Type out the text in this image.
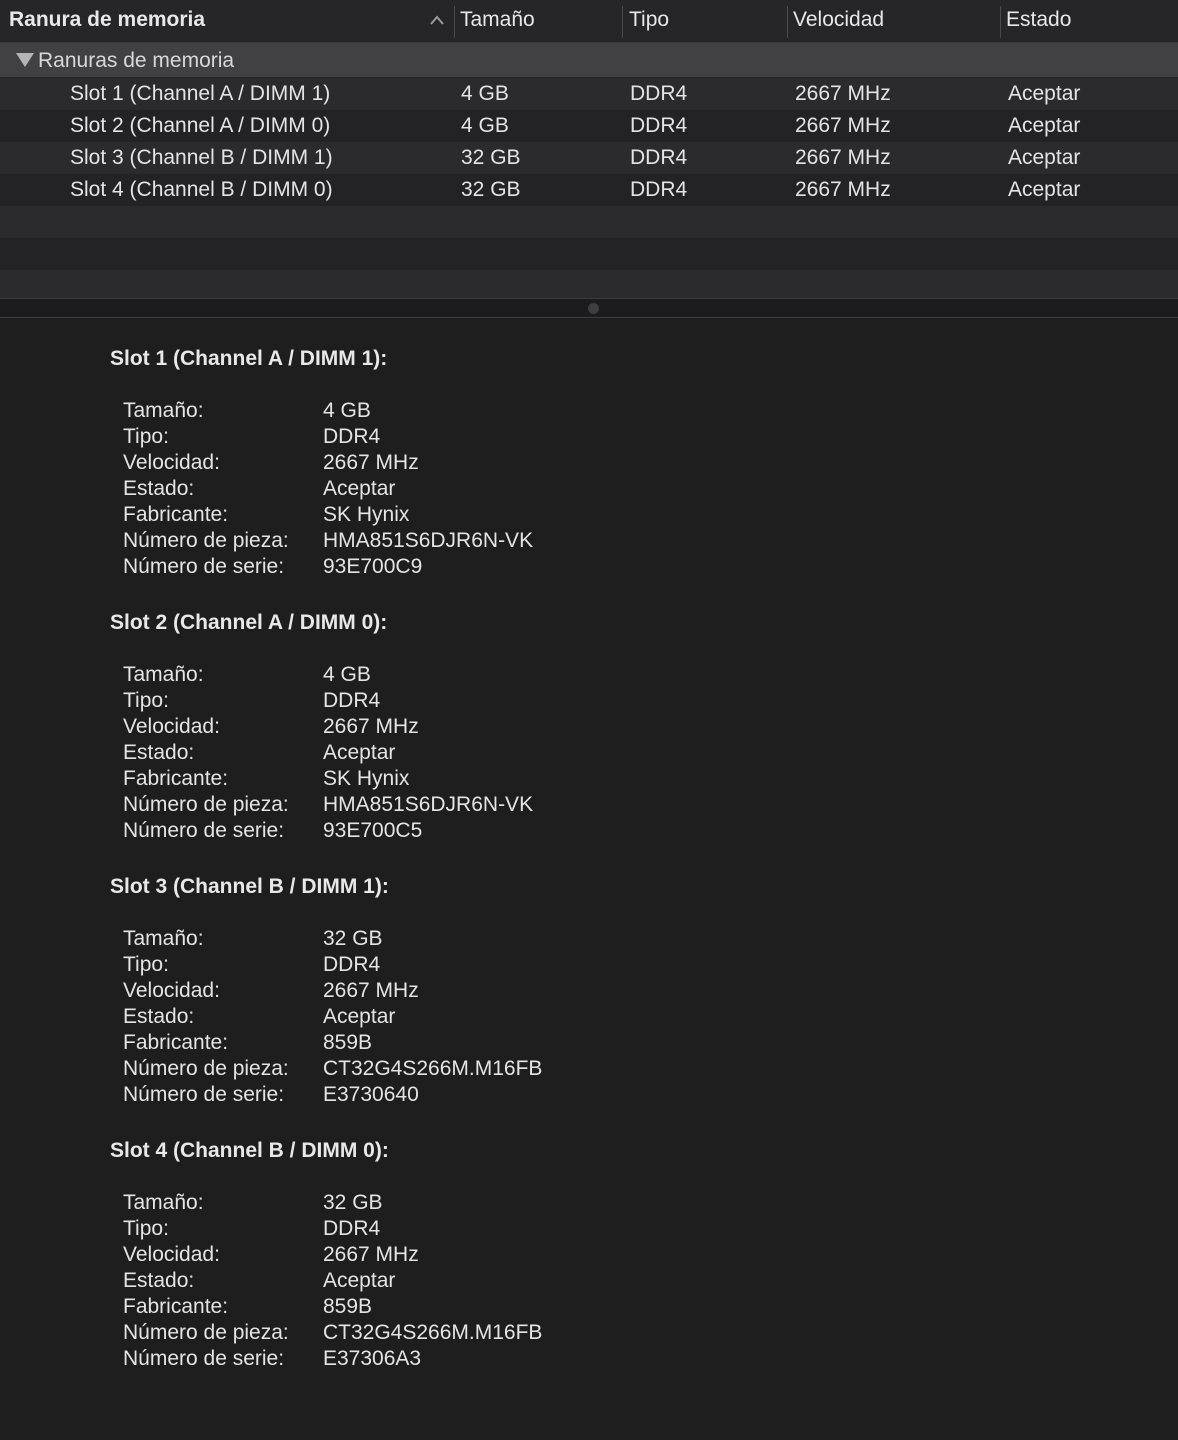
Ranura de memoria	Tamaño	Tipo	Velocidad	Estado
Ranuras de memoria
Slot 1 (Channel A / DIMM 1)	4 GB	DDR4	2667 MHz	Aceptar
Slot 2 (Channel A / DIMM 0)	4 GB	DDR4	2667 MHz	Aceptar
Slot 3 (Channel B / DIMM 1)	32 GB	DDR4	2667 MHz	Aceptar
Slot 4 (Channel B / DIMM 0)	32 GB	DDR4	2667 MHz	Aceptar
Slot 1 (Channel A / DIMM 1):
Tamaño:	4 GB
Tipo:	DDR4
Velocidad:	2667 MHz
Estado:	Aceptar
Fabricante:	SK Hynix
Número de pieza: HMA851S6DJR6N-VK
Número de serie: 93E700C9
Slot 2 (Channel A / DIMM 0):
Tamaño:	4 GB
Tipo:	DDR4
Velocidad:	2667 MHz
Estado:	Aceptar
Fabricante:	SK Hynix
Número de pieza: HMA851S6DJR6N-VK
Número de serie: 93E700C5
Slot 3 (Channel B / DIMM 1):
Tamaño:	32 GB
Tipo:	DDR4
Velocidad:	2667 MHz
Estado:	Aceptar
Fabricante:	859B
Número de pieza: CT32G4S266M.M16FB
Número de serie: E3730640
Slot 4 (Channel B / DIMM 0):
Tamaño:	32 GB
Tipo:	DDR4
Velocidad:	2667 MHz
Estado:	Aceptar
Fabricante:	859B
Número de pieza: CT32G4S266M.M16FB
Número de serie: E37306A3
